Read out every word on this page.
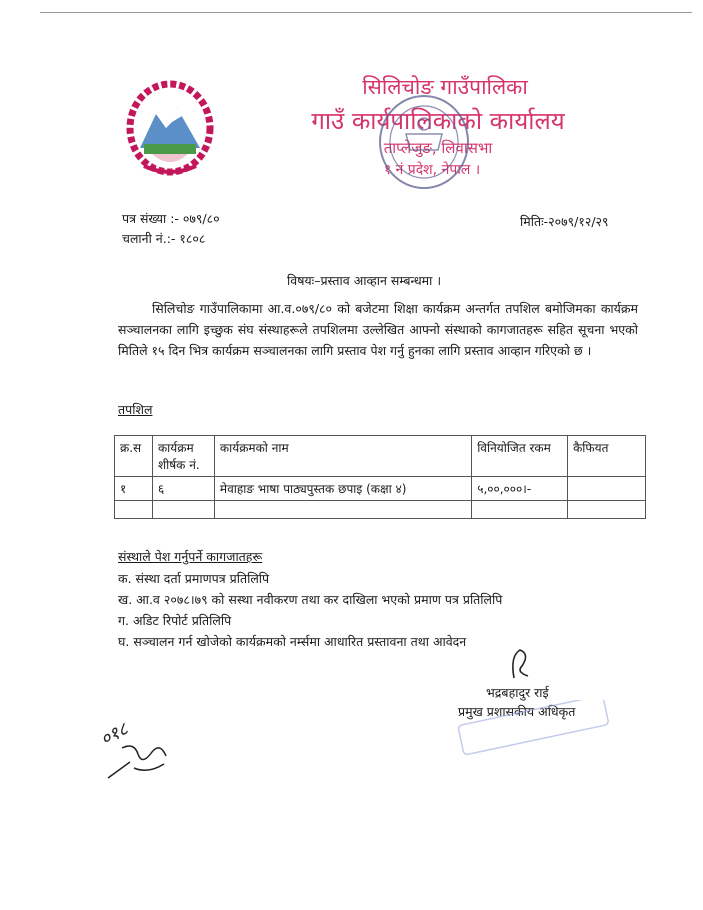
सिलिचोङ गाउँपालिका
गाउँ कार्यपालिकाको कार्यालय
ताप्लेजुङ, लिवासभा
१ नं प्रदेश, नेपाल ।
पत्र संख्या :- ०७९/८०
चलानी नं.:- १८०८
मितिः-२०७९/१२/२९
विषयः–प्रस्ताव आव्हान सम्बन्धमा ।
सिलिचोङ गाउँपालिकामा आ.व.०७९/८० को बजेटमा शिक्षा कार्यक्रम अन्तर्गत तपशिल बमोजिमका कार्यक्रम सञ्चालनका लागि इच्छुक संघ संस्थाहरूले तपशिलमा उल्लेखित आफ्नो संस्थाको कागजातहरू सहित सूचना भएको मितिले १५ दिन भित्र कार्यक्रम सञ्चालनका लागि प्रस्ताव पेश गर्नु हुनका लागि प्रस्ताव आव्हान गरिएको छ ।
तपशिल
क्र.स	कार्यक्रम शीर्षक नं.	कार्यक्रमको नाम	विनियोजित रकम	कैफियत
१	६	मेवाहाङ भाषा पाठ्यपुस्तक छपाइ (कक्षा ४)	५,००,०००।-	

संस्थाले पेश गर्नुपर्ने कागजातहरू
क. संस्था दर्ता प्रमाणपत्र प्रतिलिपि
ख. आ.व २०७८।७९ को सस्था नवीकरण तथा कर दाखिला भएको प्रमाण पत्र प्रतिलिपि
ग. अडिट रिपोर्ट प्रतिलिपि
घ. सञ्चालन गर्न खोजेको कार्यक्रमको नर्म्समा आधारित प्रस्तावना तथा आवेदन
भद्रबहादुर राई
प्रमुख प्रशासकीय अधिकृत
०१८
